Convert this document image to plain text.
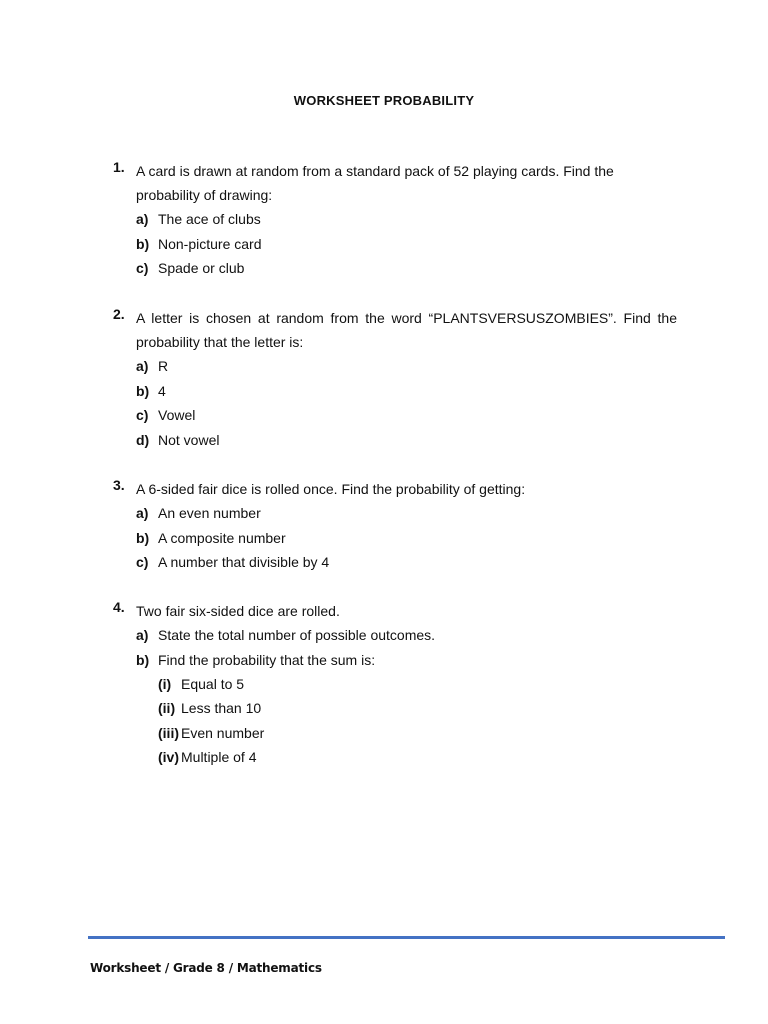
WORKSHEET PROBABILITY
1. A card is drawn at random from a standard pack of 52 playing cards. Find the probability of drawing:
a) The ace of clubs
b) Non-picture card
c) Spade or club
2. A letter is chosen at random from the word “PLANTSVERSUSZOMBIES”. Find the
probability that the letter is:
a) R
b) 4
c) Vowel
d) Not vowel
3. A 6-sided fair dice is rolled once. Find the probability of getting:
a) An even number
b) A composite number
c) A number that divisible by 4
4. Two fair six-sided dice are rolled.
a) State the total number of possible outcomes.
b) Find the probability that the sum is:
(i) Equal to 5
(ii) Less than 10
(iii) Even number
(iv) Multiple of 4
Worksheet / Grade 8 / Mathematics
